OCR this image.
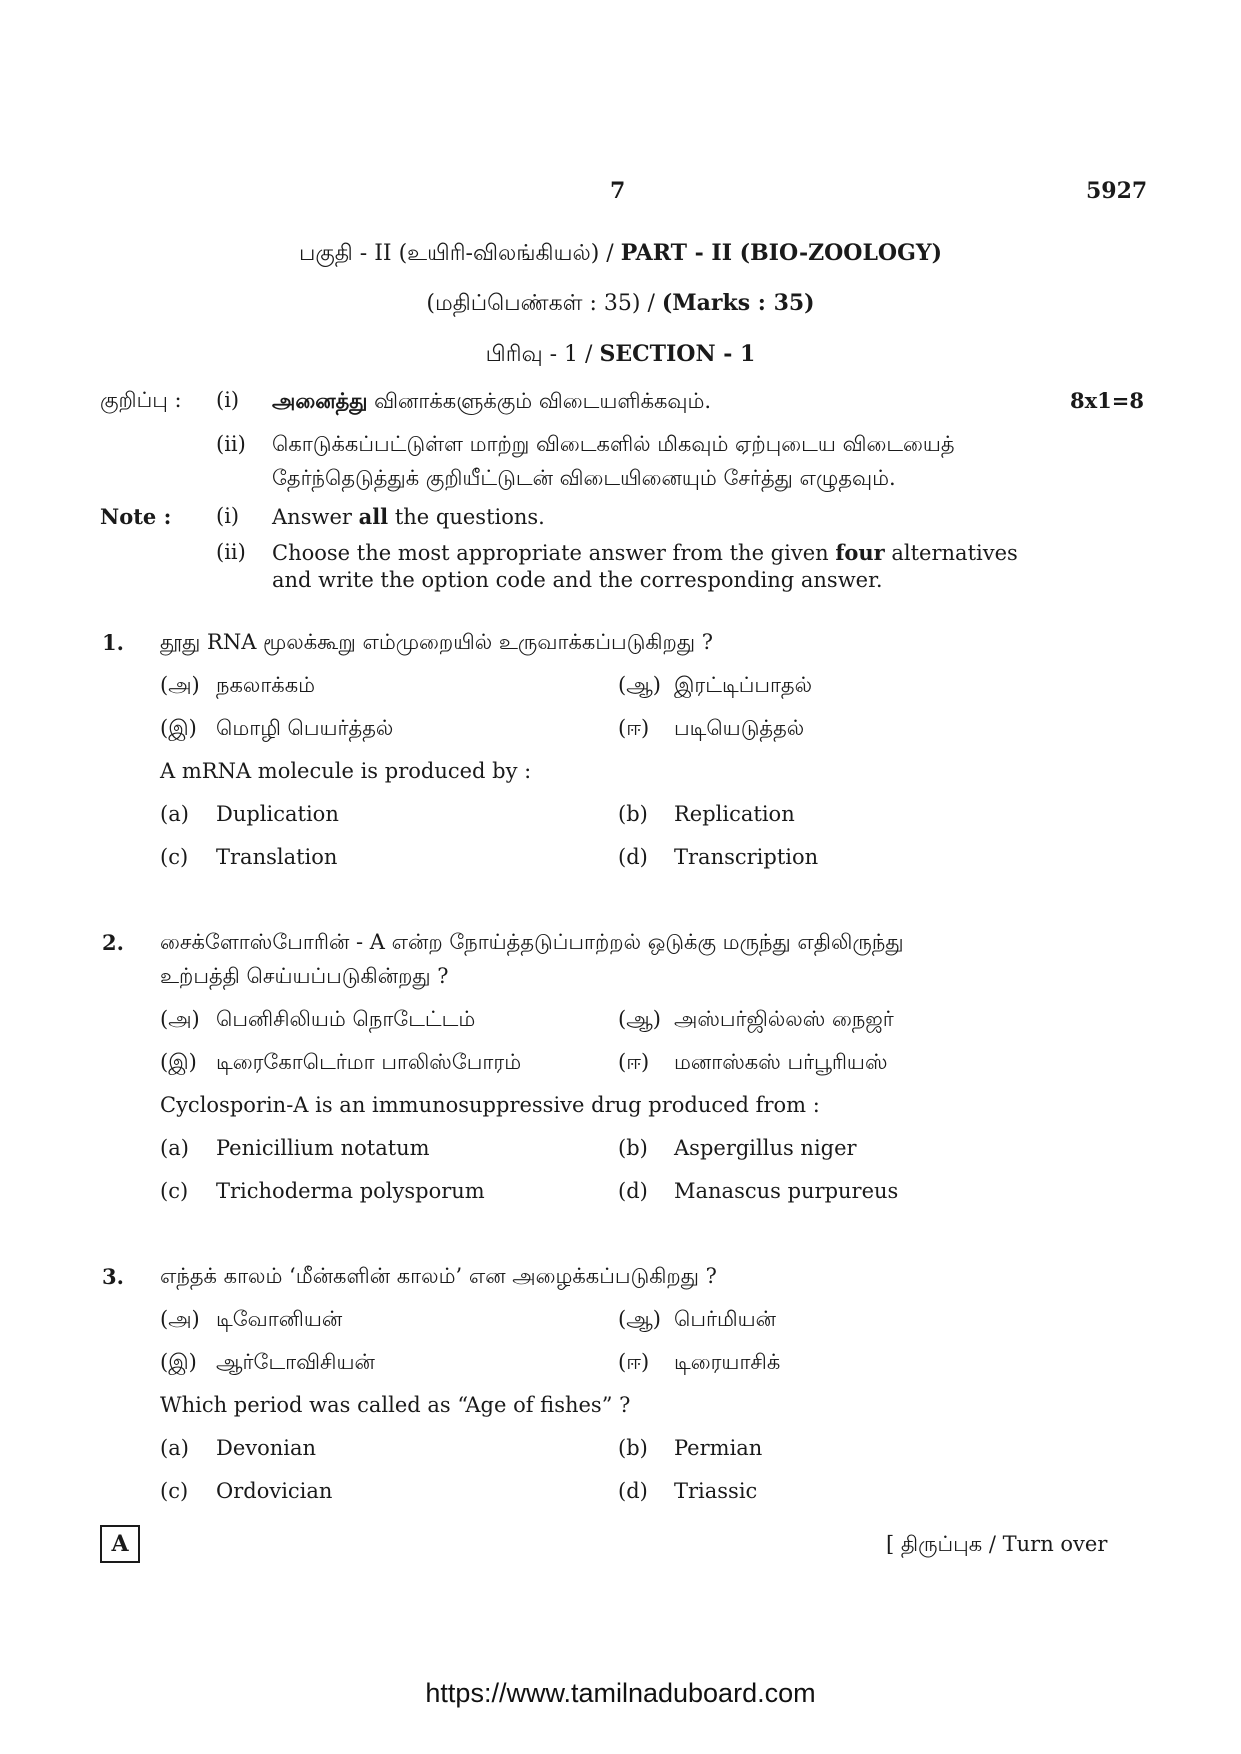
7	5927
பகுதி - II (உயிரி-விலங்கியல்) / PART - II (BIO-ZOOLOGY)
(மதிப்பெண்கள் : 35) / (Marks : 35)
பிரிவு - 1 / SECTION - 1
குறிப்பு : (i) அனைத்து வினாக்களுக்கும் விடையளிக்கவும்.	8x1=8
(ii) கொடுக்கப்பட்டுள்ள மாற்று விடைகளில் மிகவும் ஏற்புடைய விடையைத்
தேர்ந்தெடுத்துக் குறியீட்டுடன் விடையினையும் சேர்த்து எழுதவும்.
Note : (i) Answer all the questions.
(ii) Choose the most appropriate answer from the given four alternatives
and write the option code and the corresponding answer.
1. தூது RNA மூலக்கூறு எம்முறையில் உருவாக்கப்படுகிறது ?
(அ) நகலாக்கம்	(ஆ) இரட்டிப்பாதல்
(இ) மொழி பெயர்த்தல்	(ஈ) படியெடுத்தல்
A mRNA molecule is produced by :
(a) Duplication	(b) Replication
(c) Translation	(d) Transcription
2. சைக்ளோஸ்போரின் - A என்ற நோய்த்தடுப்பாற்றல் ஒடுக்கு மருந்து எதிலிருந்து
உற்பத்தி செய்யப்படுகின்றது ?
(அ) பெனிசிலியம் நொடேட்டம்	(ஆ) அஸ்பர்ஜில்லஸ் நைஜர்
(இ) டிரைகோடெர்மா பாலிஸ்போரம்	(ஈ) மனாஸ்கஸ் பர்பூரியஸ்
Cyclosporin-A is an immunosuppressive drug produced from :
(a) Penicillium notatum	(b) Aspergillus niger
(c) Trichoderma polysporum	(d) Manascus purpureus
3. எந்தக் காலம் ‘மீன்களின் காலம்’ என அழைக்கப்படுகிறது ?
(அ) டிவோனியன்	(ஆ) பெர்மியன்
(இ) ஆர்டோவிசியன்	(ஈ) டிரையாசிக்
Which period was called as “Age of fishes” ?
(a) Devonian	(b) Permian
(c) Ordovician	(d) Triassic
A	[ திருப்புக / Turn over
https://www.tamilnaduboard.com
